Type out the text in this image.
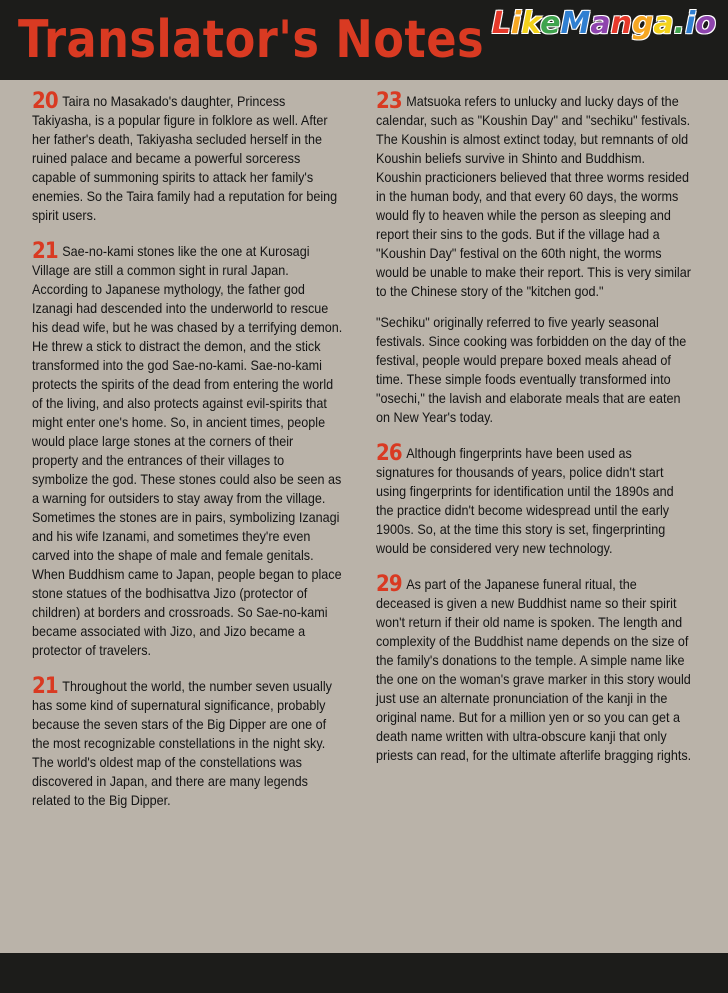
Translator's Notes LikeManga.io

20 Taira no Masakado's daughter, Princess Takiyasha, is a popular figure in folklore as well. After her father's death, Takiyasha secluded herself in the ruined palace and became a powerful sorceress capable of summoning spirits to attack her family's enemies. So the Taira family had a reputation for being spirit users.

21 Sae-no-kami stones like the one at Kurosagi Village are still a common sight in rural Japan. According to Japanese mythology, the father god Izanagi had descended into the underworld to rescue his dead wife, but he was chased by a terrifying demon. He threw a stick to distract the demon, and the stick transformed into the god Sae-no-kami. Sae-no-kami protects the spirits of the dead from entering the world of the living, and also protects against evil-spirits that might enter one's home. So, in ancient times, people would place large stones at the corners of their property and the entrances of their villages to symbolize the god. These stones could also be seen as a warning for outsiders to stay away from the village. Sometimes the stones are in pairs, symbolizing Izanagi and his wife Izanami, and sometimes they're even carved into the shape of male and female genitals. When Buddhism came to Japan, people began to place stone statues of the bodhisattva Jizo (protector of children) at borders and crossroads. So Sae-no-kami became associated with Jizo, and Jizo became a protector of travelers.

21 Throughout the world, the number seven usually has some kind of supernatural significance, probably because the seven stars of the Big Dipper are one of the most recognizable constellations in the night sky. The world's oldest map of the constellations was discovered in Japan, and there are many legends related to the Big Dipper.

23 Matsuoka refers to unlucky and lucky days of the calendar, such as "Koushin Day" and "sechiku" festivals. The Koushin is almost extinct today, but remnants of old Koushin beliefs survive in Shinto and Buddhism. Koushin practicioners believed that three worms resided in the human body, and that every 60 days, the worms would fly to heaven while the person as sleeping and report their sins to the gods. But if the village had a "Koushin Day" festival on the 60th night, the worms would be unable to make their report. This is very similar to the Chinese story of the "kitchen god."

"Sechiku" originally referred to five yearly seasonal festivals. Since cooking was forbidden on the day of the festival, people would prepare boxed meals ahead of time. These simple foods eventually transformed into "osechi," the lavish and elaborate meals that are eaten on New Year's today.

26 Although fingerprints have been used as signatures for thousands of years, police didn't start using fingerprints for identification until the 1890s and the practice didn't become widespread until the early 1900s. So, at the time this story is set, fingerprinting would be considered very new technology.

29 As part of the Japanese funeral ritual, the deceased is given a new Buddhist name so their spirit won't return if their old name is spoken. The length and complexity of the Buddhist name depends on the size of the family's donations to the temple. A simple name like the one on the woman's grave marker in this story would just use an alternate pronunciation of the kanji in the original name. But for a million yen or so you can get a death name written with ultra-obscure kanji that only priests can read, for the ultimate afterlife bragging rights.
